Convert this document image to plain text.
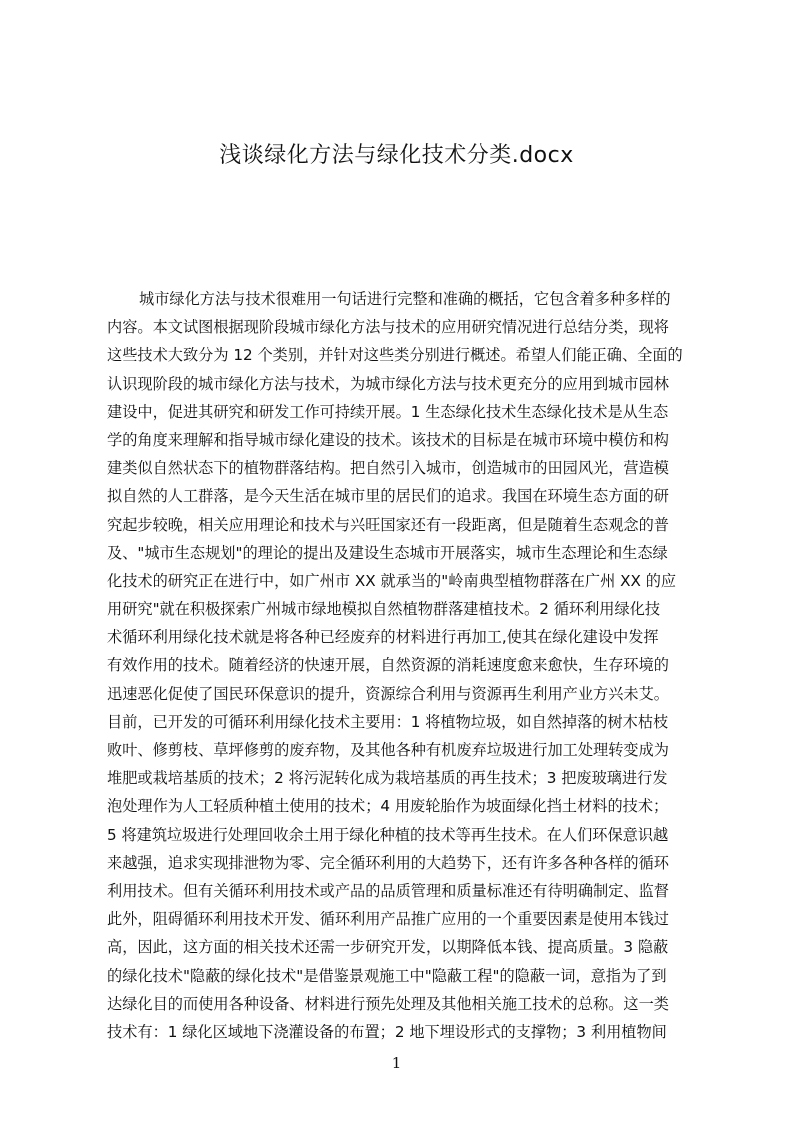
浅谈绿化方法与绿化技术分类.docx
城市绿化方法与技术很难用一句话进行完整和准确的概括，它包含着多种多样的
内容。本文试图根据现阶段城市绿化方法与技术的应用研究情况进行总结分类，现将
这些技术大致分为 12 个类别，并针对这些类分别进行概述。希望人们能正确、全面的
认识现阶段的城市绿化方法与技术，为城市绿化方法与技术更充分的应用到城市园林
建设中，促进其研究和研发工作可持续开展。1 生态绿化技术生态绿化技术是从生态
学的角度来理解和指导城市绿化建设的技术。该技术的目标是在城市环境中模仿和构
建类似自然状态下的植物群落结构。把自然引入城市，创造城市的田园风光，营造模
拟自然的人工群落，是今天生活在城市里的居民们的追求。我国在环境生态方面的研
究起步较晚，相关应用理论和技术与兴旺国家还有一段距离，但是随着生态观念的普
及、"城市生态规划"的理论的提出及建设生态城市开展落实，城市生态理论和生态绿
化技术的研究正在进行中，如广州市 XX 就承当的"岭南典型植物群落在广州 XX 的应
用研究"就在积极探索广州城市绿地模拟自然植物群落建植技术。2 循环利用绿化技
术循环利用绿化技术就是将各种已经废弃的材料进行再加工,使其在绿化建设中发挥
有效作用的技术。随着经济的快速开展，自然资源的消耗速度愈来愈快，生存环境的
迅速恶化促使了国民环保意识的提升，资源综合利用与资源再生利用产业方兴未艾。
目前，已开发的可循环利用绿化技术主要用：1 将植物垃圾，如自然掉落的树木枯枝
败叶、修剪枝、草坪修剪的废弃物，及其他各种有机废弃垃圾进行加工处理转变成为
堆肥或栽培基质的技术；2 将污泥转化成为栽培基质的再生技术；3 把废玻璃进行发
泡处理作为人工轻质种植土使用的技术；4 用废轮胎作为坡面绿化挡土材料的技术；
5 将建筑垃圾进行处理回收余土用于绿化种植的技术等再生技术。在人们环保意识越
来越强，追求实现排泄物为零、完全循环利用的大趋势下，还有许多各种各样的循环
利用技术。但有关循环利用技术或产品的品质管理和质量标准还有待明确制定、监督
此外，阻碍循环利用技术开发、循环利用产品推广应用的一个重要因素是使用本钱过
高，因此，这方面的相关技术还需一步研究开发，以期降低本钱、提高质量。3 隐蔽
的绿化技术"隐蔽的绿化技术"是借鉴景观施工中"隐蔽工程"的隐蔽一词，意指为了到
达绿化目的而使用各种设备、材料进行预先处理及其他相关施工技术的总称。这一类
技术有：1 绿化区域地下浇灌设备的布置；2 地下埋设形式的支撑物；3 利用植物间
1
